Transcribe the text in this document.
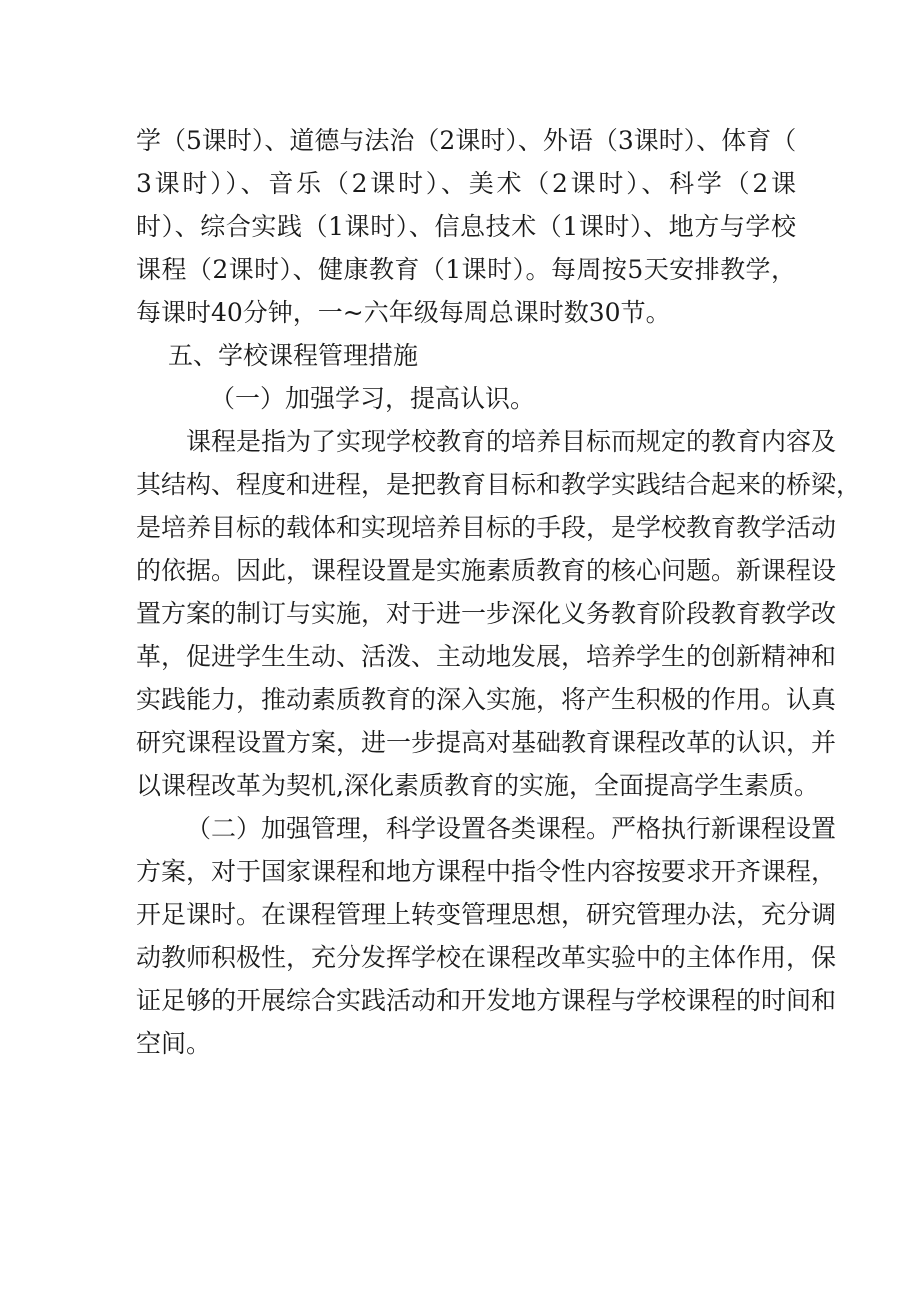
学（5课时）、道德与法治（2课时）、外语（3课时）、体育（

3课时））、音乐（2课时）、美术（2课时）、科学（2课

时）、综合实践（1课时）、信息技术（1课时）、地方与学校

课程（2课时）、健康教育（1课时）。每周按5天安排教学，

每课时40分钟，一~六年级每周总课时数30节。

五、学校课程管理措施

（一）加强学习，提高认识。

课程是指为了实现学校教育的培养目标而规定的教育内容及

其结构、程度和进程，是把教育目标和教学实践结合起来的桥梁，

是培养目标的载体和实现培养目标的手段，是学校教育教学活动

的依据。因此，课程设置是实施素质教育的核心问题。新课程设

置方案的制订与实施，对于进一步深化义务教育阶段教育教学改

革，促进学生生动、活泼、主动地发展，培养学生的创新精神和

实践能力，推动素质教育的深入实施，将产生积极的作用。认真

研究课程设置方案，进一步提高对基础教育课程改革的认识，并

以课程改革为契机,深化素质教育的实施，全面提高学生素质。

（二）加强管理，科学设置各类课程。严格执行新课程设置

方案，对于国家课程和地方课程中指令性内容按要求开齐课程，

开足课时。在课程管理上转变管理思想，研究管理办法，充分调

动教师积极性，充分发挥学校在课程改革实验中的主体作用，保

证足够的开展综合实践活动和开发地方课程与学校课程的时间和

空间。
